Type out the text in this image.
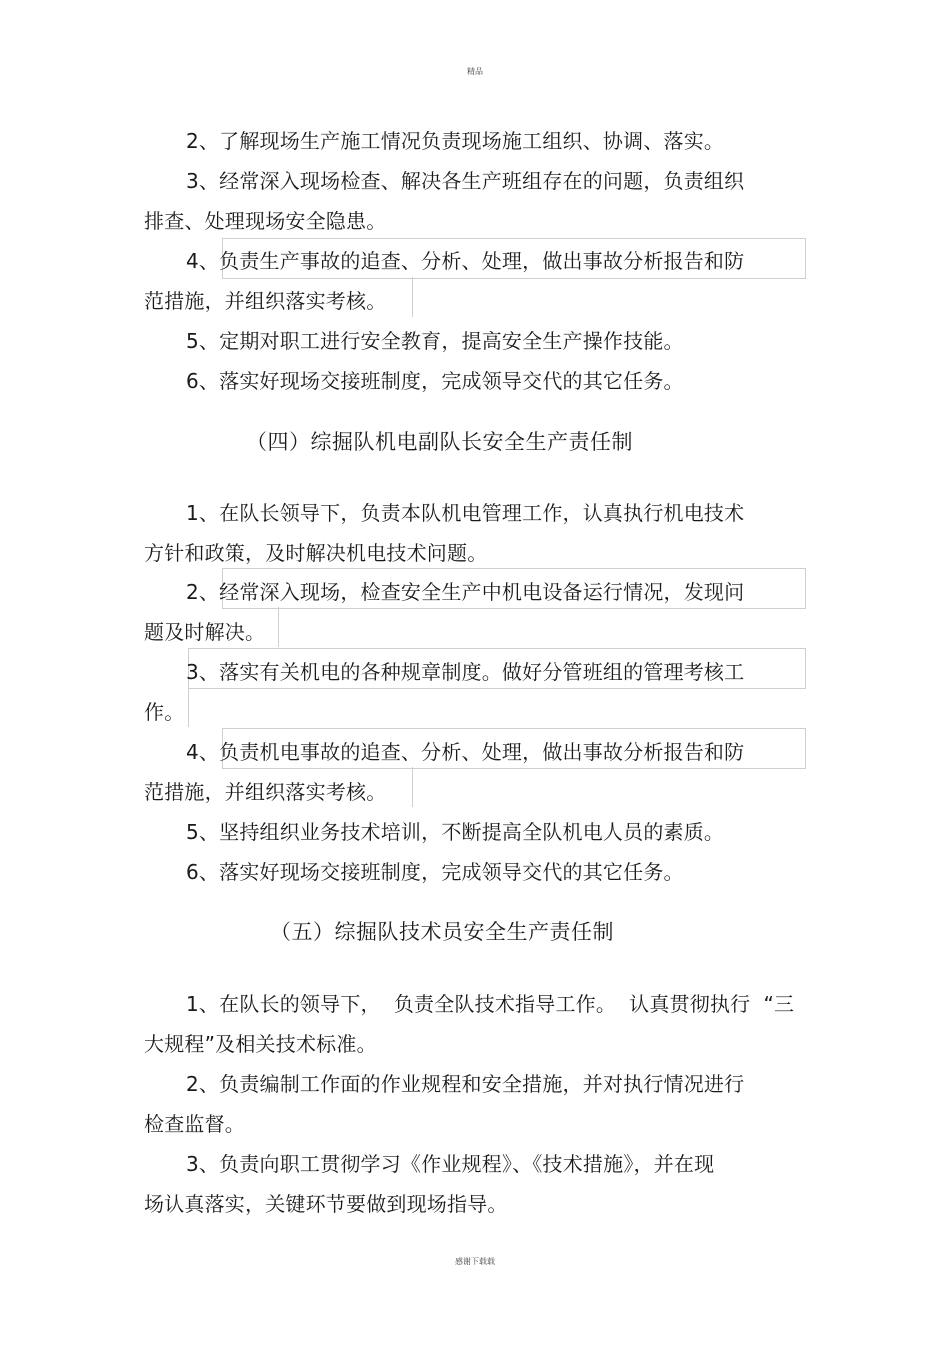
精品
2、了解现场生产施工情况负责现场施工组织、协调、落实。
3、经常深入现场检查、解决各生产班组存在的问题，负责组织
排查、处理现场安全隐患。
4、负责生产事故的追查、分析、处理，做出事故分析报告和防
范措施，并组织落实考核。
5、定期对职工进行安全教育，提高安全生产操作技能。
6、落实好现场交接班制度，完成领导交代的其它任务。
（四）综掘队机电副队长安全生产责任制
1、在队长领导下，负责本队机电管理工作，认真执行机电技术
方针和政策，及时解决机电技术问题。
2、经常深入现场，检查安全生产中机电设备运行情况，发现问
题及时解决。
3、落实有关机电的各种规章制度。做好分管班组的管理考核工
作。
4、负责机电事故的追查、分析、处理，做出事故分析报告和防
范措施，并组织落实考核。
5、坚持组织业务技术培训，不断提高全队机电人员的素质。
6、落实好现场交接班制度，完成领导交代的其它任务。
（五）综掘队技术员安全生产责任制
1、在队长的领导下，  负责全队技术指导工作。  认真贯彻执行  “三
大规程”及相关技术标准。
2、负责编制工作面的作业规程和安全措施，并对执行情况进行
检查监督。
3、负责向职工贯彻学习《作业规程》、《技术措施》，并在现
场认真落实，关键环节要做到现场指导。
感谢下载载
